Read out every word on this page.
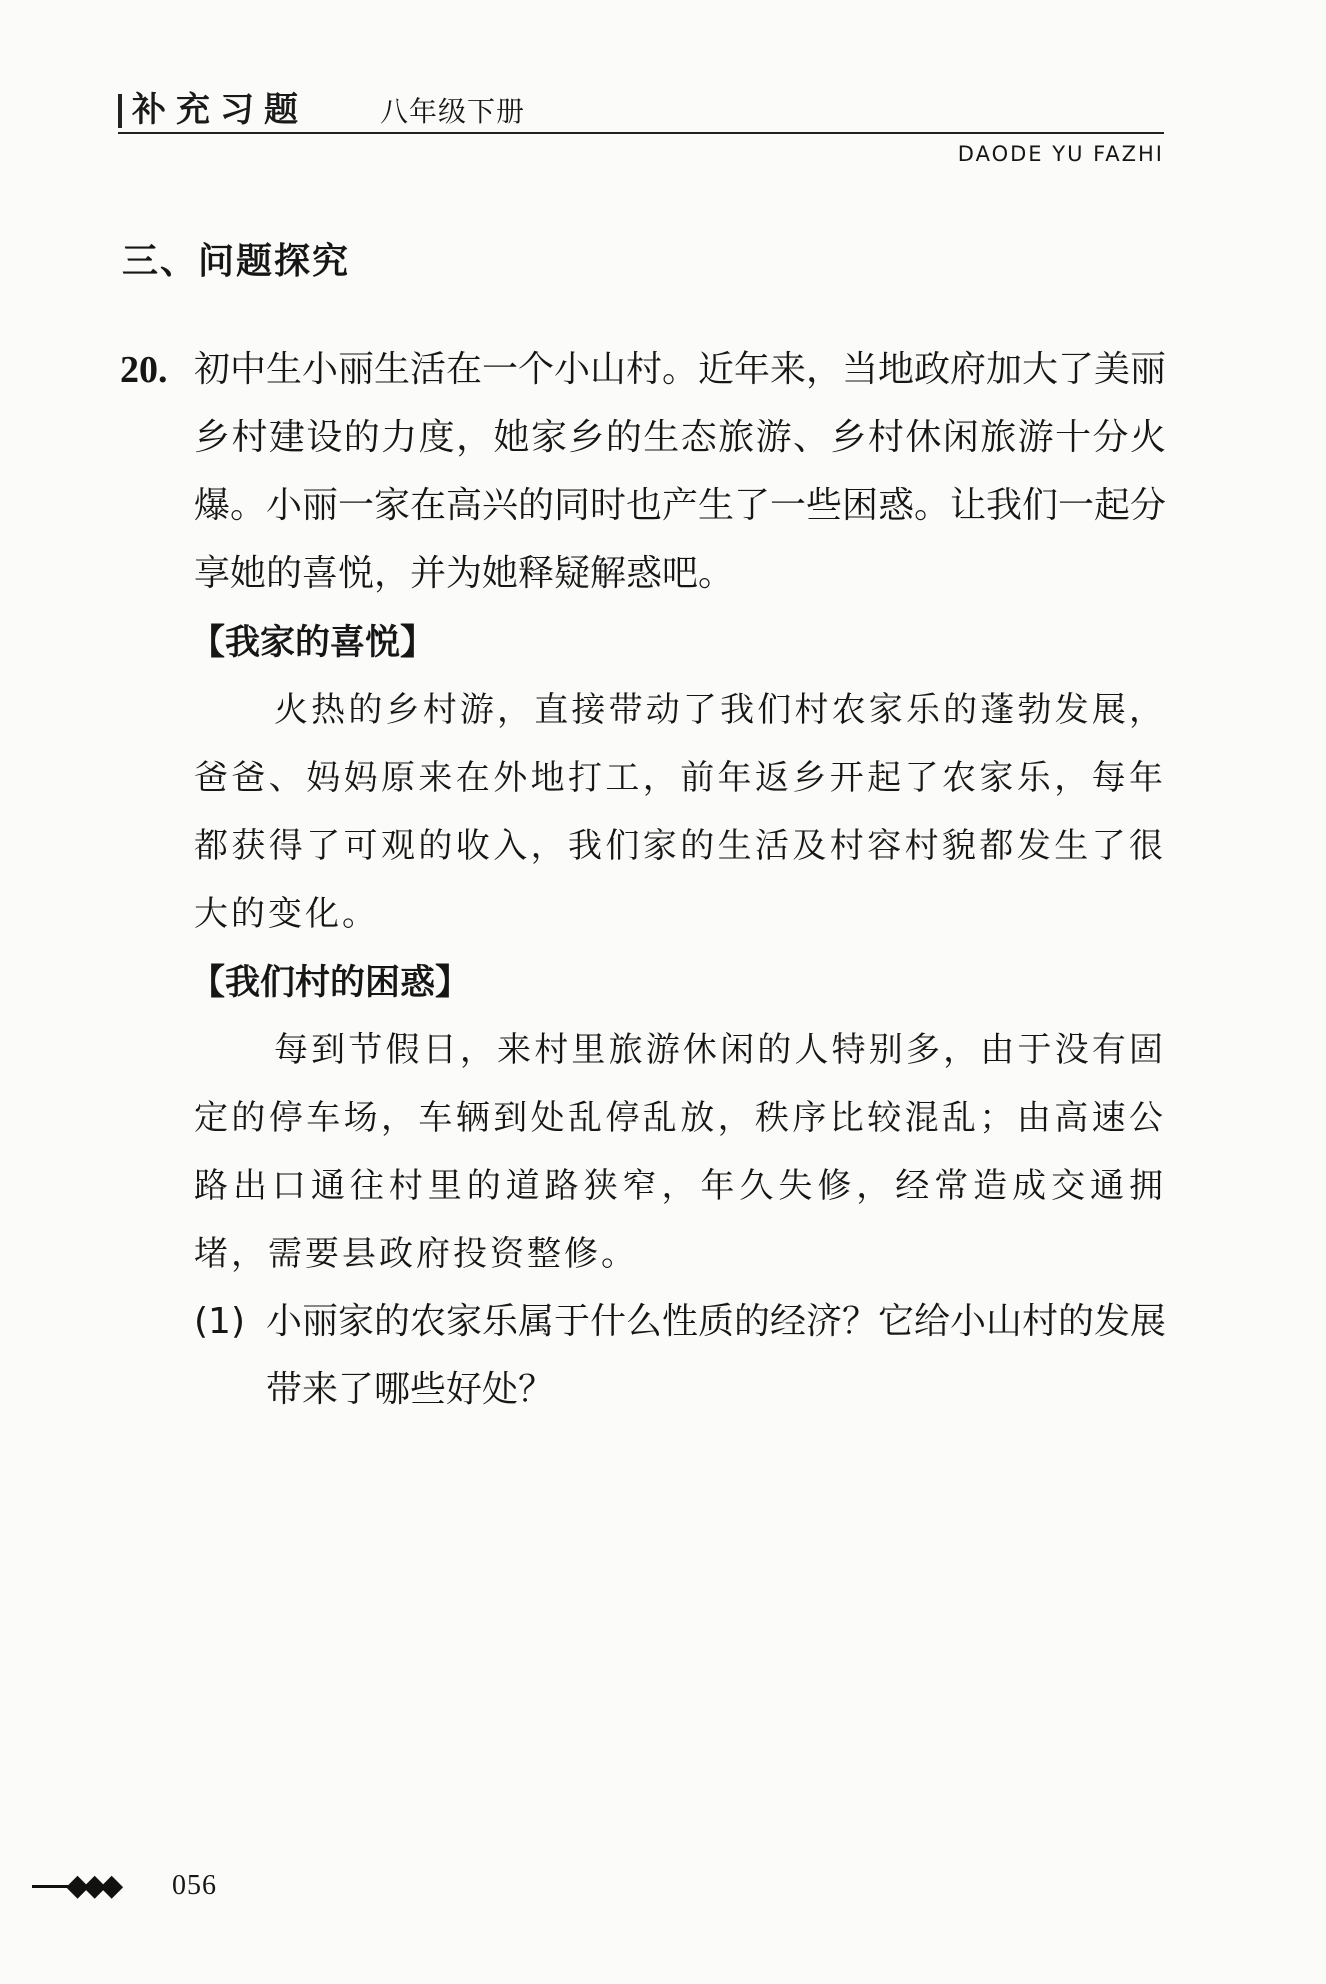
补充习题	八年级下册
DAODE YU FAZHI
三、问题探究
20. 初中生小丽生活在一个小山村。近年来，当地政府加大了美丽乡村建设的力度，她家乡的生态旅游、乡村休闲旅游十分火爆。小丽一家在高兴的同时也产生了一些困惑。让我们一起分享她的喜悦，并为她释疑解惑吧。

【我家的喜悦】

火热的乡村游，直接带动了我们村农家乐的蓬勃发展，爸爸、妈妈原来在外地打工，前年返乡开起了农家乐，每年都获得了可观的收入，我们家的生活及村容村貌都发生了很大的变化。

【我们村的困惑】

每到节假日，来村里旅游休闲的人特别多，由于没有固定的停车场，车辆到处乱停乱放，秩序比较混乱；由高速公路出口通往村里的道路狭窄，年久失修，经常造成交通拥堵，需要县政府投资整修。

(1) 小丽家的农家乐属于什么性质的经济？它给小山村的发展带来了哪些好处？
◆◆◆ 056
